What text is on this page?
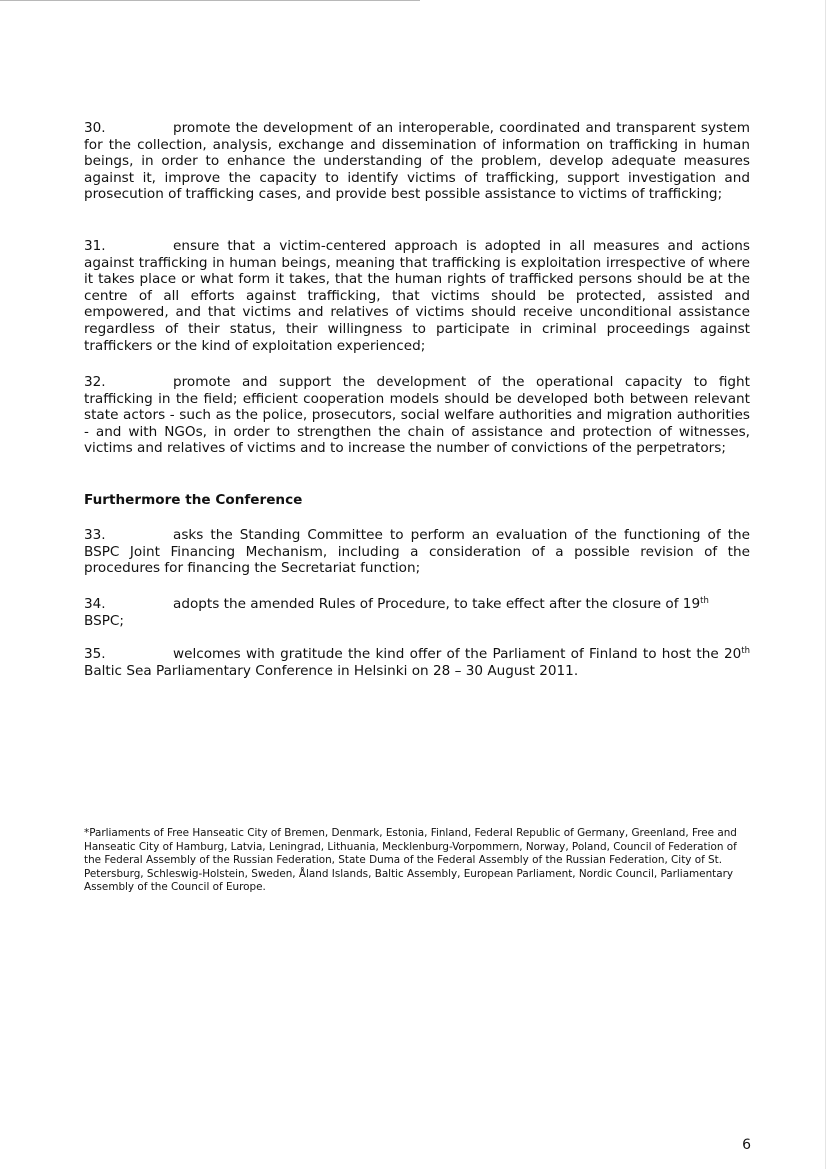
30.	promote the development of an interoperable, coordinated and transparent system for the collection, analysis, exchange and dissemination of information on trafficking in human beings, in order to enhance the understanding of the problem, develop adequate measures against it, improve the capacity to identify victims of trafficking, support investigation and prosecution of trafficking cases, and provide best possible assistance to victims of trafficking;

31.	ensure that a victim-centered approach is adopted in all measures and actions against trafficking in human beings, meaning that trafficking is exploitation irrespective of where it takes place or what form it takes, that the human rights of trafficked persons should be at the centre of all efforts against trafficking, that victims should be protected, assisted and empowered, and that victims and relatives of victims should receive unconditional assistance regardless of their status, their willingness to participate in criminal proceedings against traffickers or the kind of exploitation experienced;

32.	promote and support the development of the operational capacity to fight trafficking in the field; efficient cooperation models should be developed both between relevant state actors - such as the police, prosecutors, social welfare authorities and migration authorities - and with NGOs, in order to strengthen the chain of assistance and protection of witnesses, victims and relatives of victims and to increase the number of convictions of the perpetrators;

Furthermore the Conference

33.	asks the Standing Committee to perform an evaluation of the functioning of the BSPC Joint Financing Mechanism, including a consideration of a possible revision of the procedures for financing the Secretariat function;

34.	adopts the amended Rules of Procedure, to take effect after the closure of 19th
BSPC;

35.	welcomes with gratitude the kind offer of the Parliament of Finland to host the 20th Baltic Sea Parliamentary Conference in Helsinki on 28 – 30 August 2011.

*Parliaments of Free Hanseatic City of Bremen, Denmark, Estonia, Finland, Federal Republic of Germany, Greenland, Free and Hanseatic City of Hamburg, Latvia, Leningrad, Lithuania, Mecklenburg-Vorpommern, Norway, Poland, Council of Federation of the Federal Assembly of the Russian Federation, State Duma of the Federal Assembly of the Russian Federation, City of St. Petersburg, Schleswig-Holstein, Sweden, Åland Islands, Baltic Assembly, European Parliament, Nordic Council, Parliamentary Assembly of the Council of Europe.

6
